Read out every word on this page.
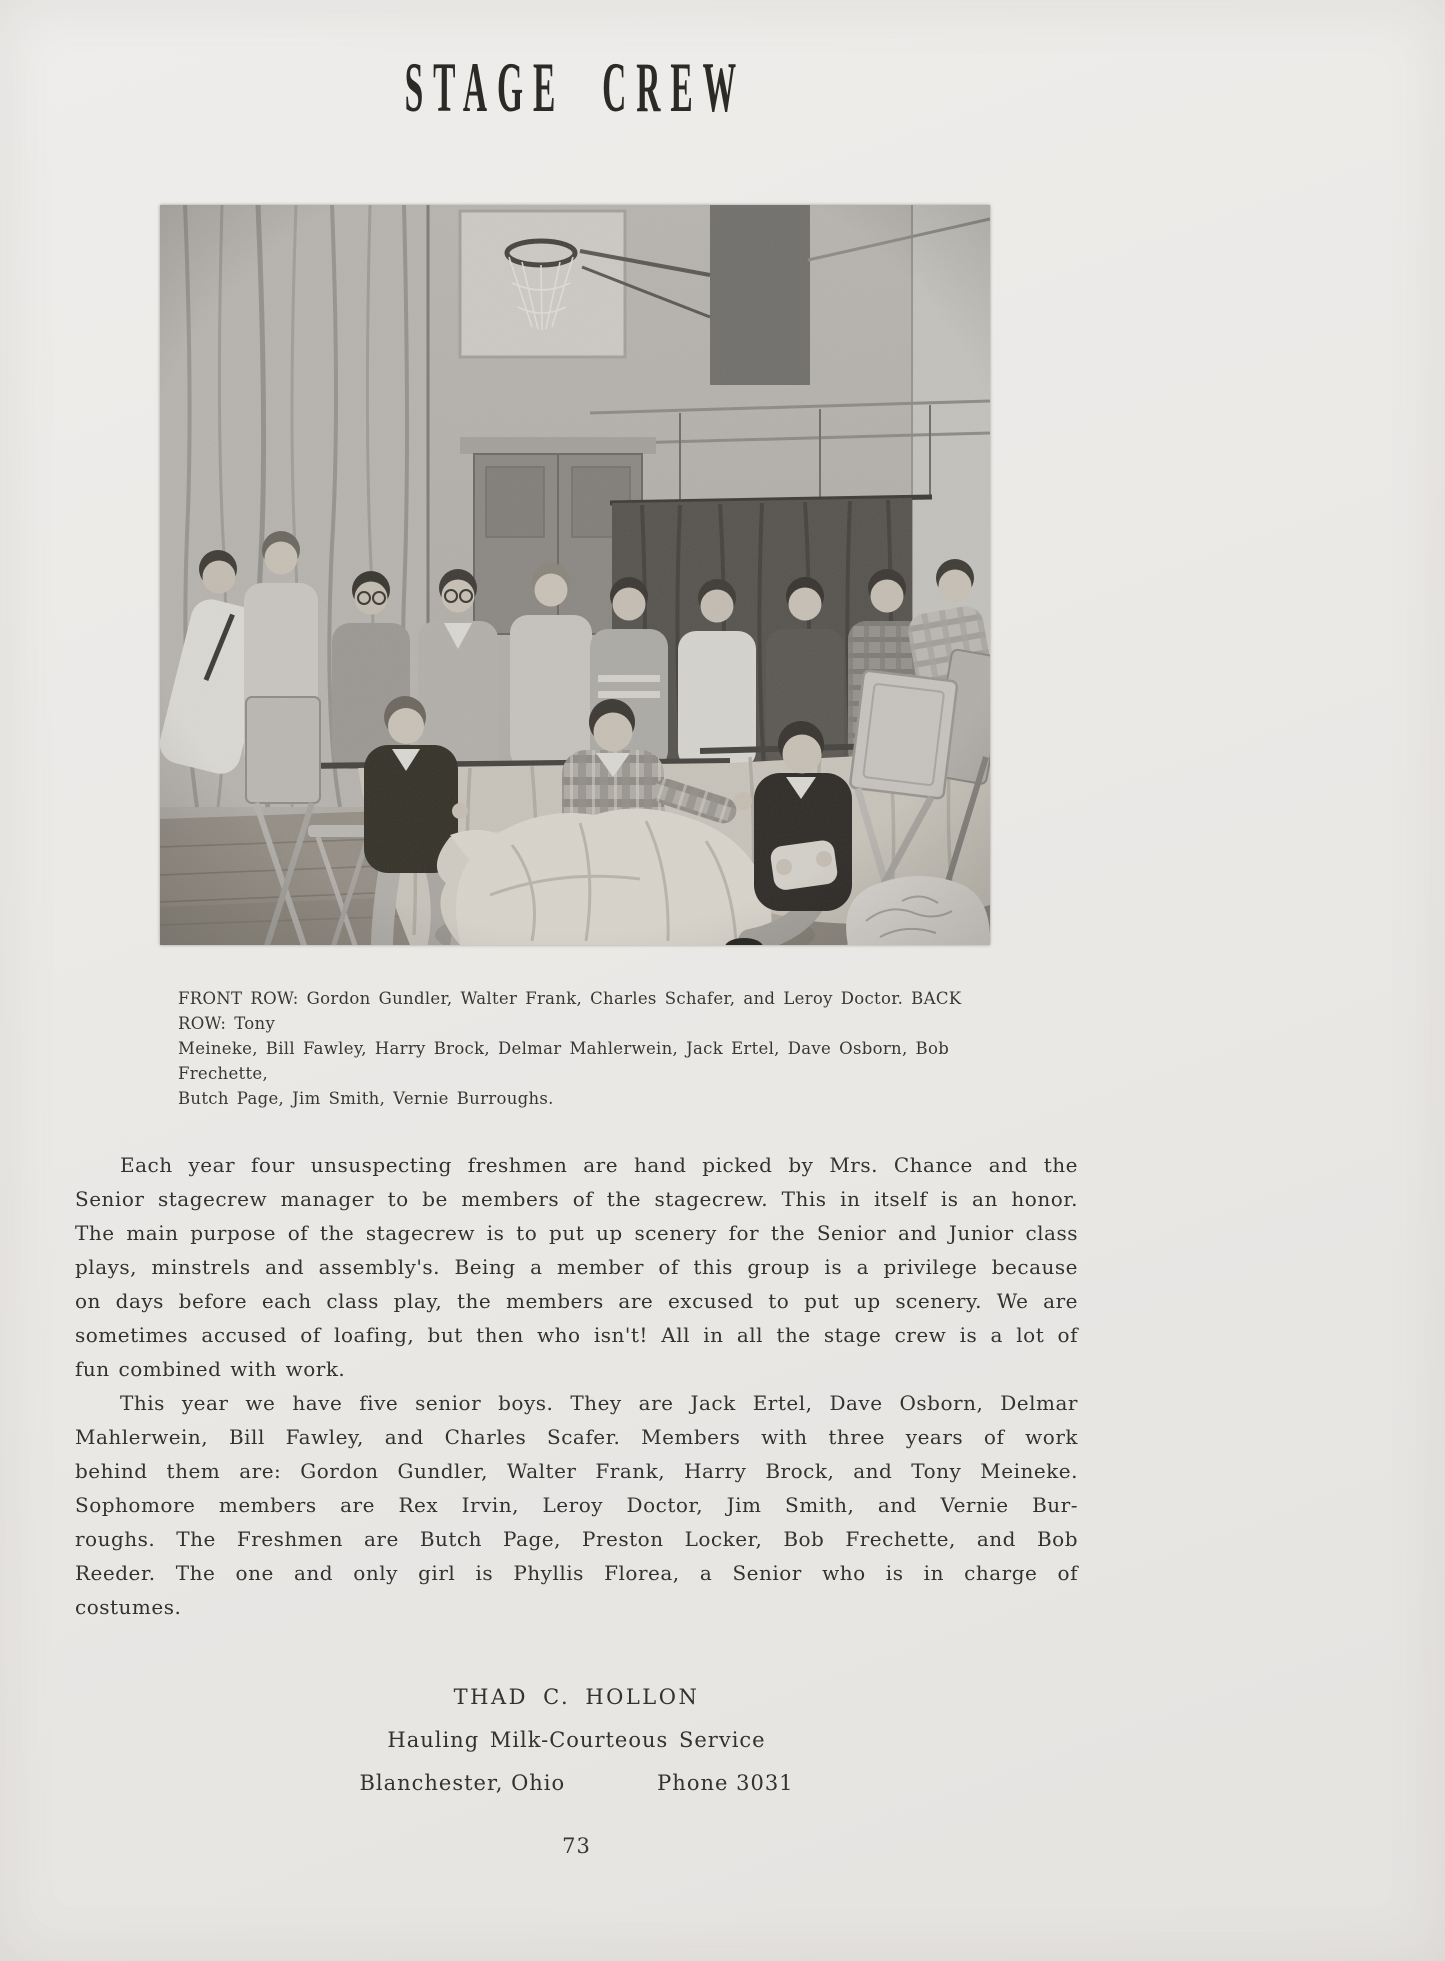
STAGE CREW
FRONT ROW: Gordon Gundler, Walter Frank, Charles Schafer, and Leroy Doctor. BACK ROW: Tony
Meineke, Bill Fawley, Harry Brock, Delmar Mahlerwein, Jack Ertel, Dave Osborn, Bob Frechette,
Butch Page, Jim Smith, Vernie Burroughs.
Each year four unsuspecting freshmen are hand picked by Mrs. Chance and the
Senior stagecrew manager to be members of the stagecrew. This in itself is an honor.
The main purpose of the stagecrew is to put up scenery for the Senior and Junior class
plays, minstrels and assembly's. Being a member of this group is a privilege because
on days before each class play, the members are excused to put up scenery. We are
sometimes accused of loafing, but then who isn't! All in all the stage crew is a lot of
fun combined with work.
This year we have five senior boys. They are Jack Ertel, Dave Osborn, Delmar
Mahlerwein, Bill Fawley, and Charles Scafer. Members with three years of work
behind them are: Gordon Gundler, Walter Frank, Harry Brock, and Tony Meineke.
Sophomore members are Rex Irvin, Leroy Doctor, Jim Smith, and Vernie Bur-
roughs. The Freshmen are Butch Page, Preston Locker, Bob Frechette, and Bob
Reeder. The one and only girl is Phyllis Florea, a Senior who is in charge of
costumes.
THAD C. HOLLON
Hauling Milk-Courteous Service
Blanchester, Ohio	Phone 3031
73
